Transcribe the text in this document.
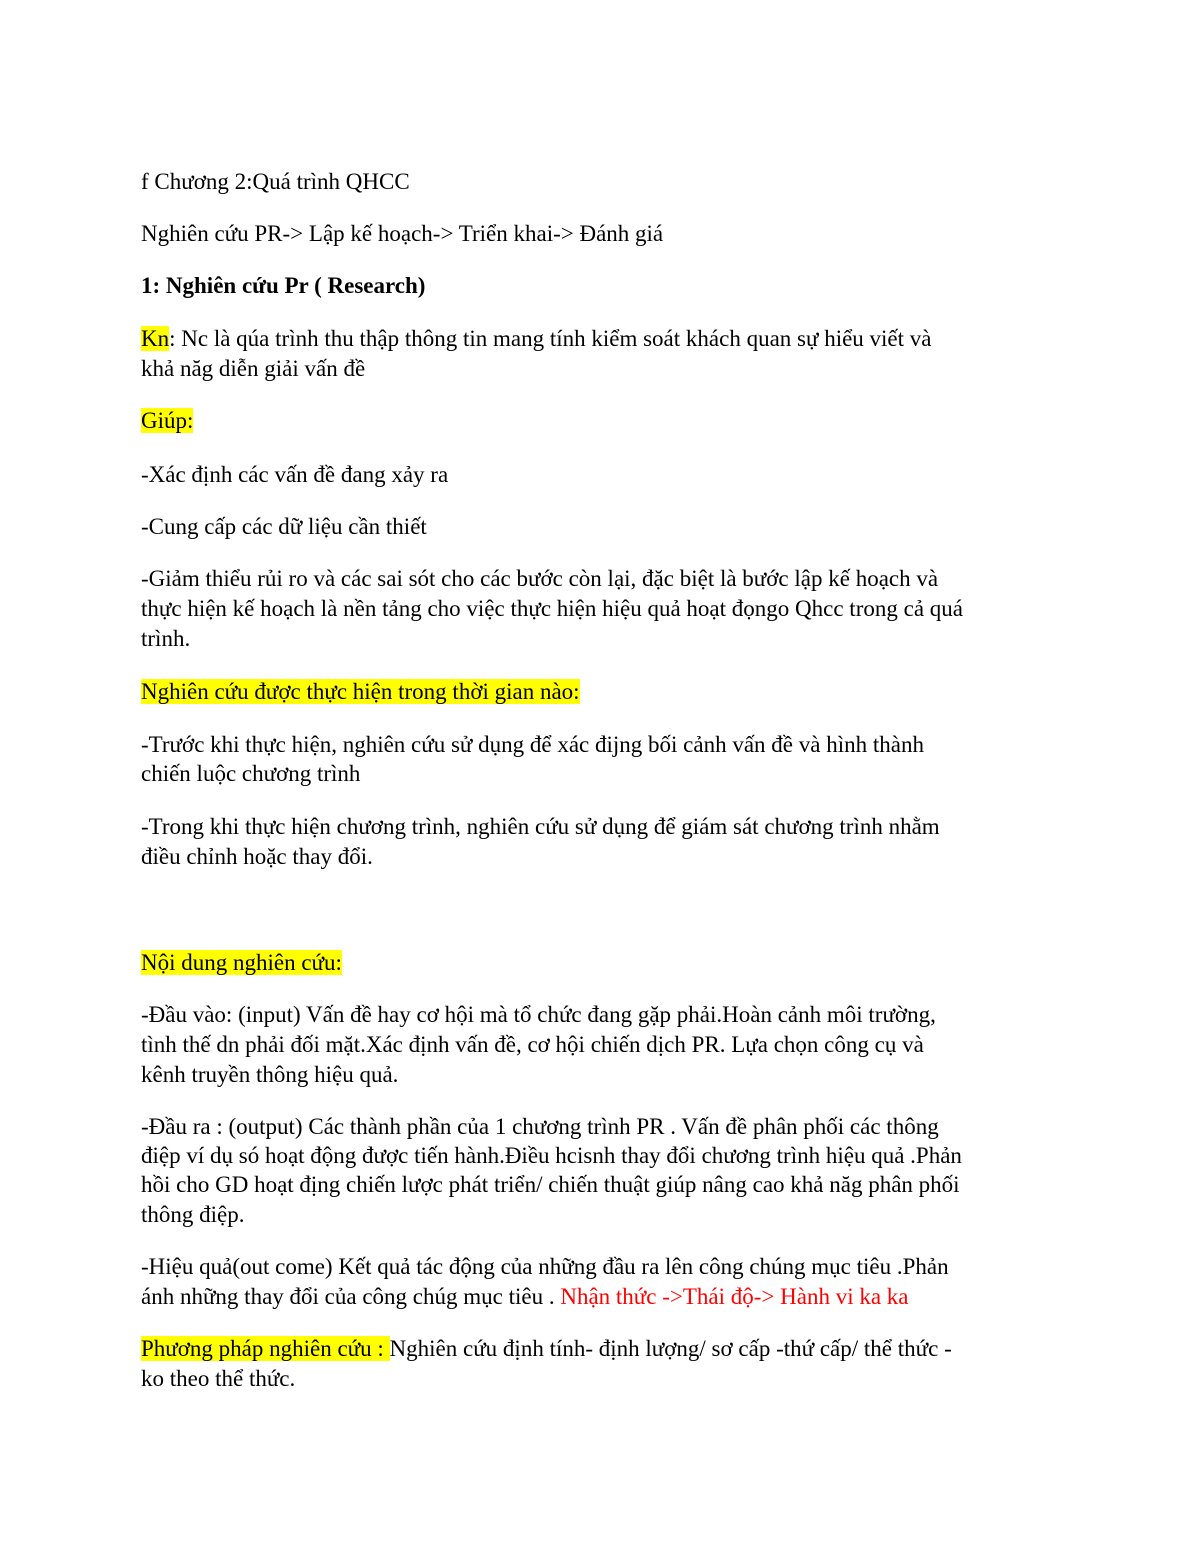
f Chương 2:Quá trình QHCC
Nghiên cứu PR-> Lập kế hoạch-> Triển khai-> Đánh giá
1: Nghiên cứu Pr ( Research)
Kn: Nc là qúa trình thu thập thông tin mang tính kiểm soát khách quan sự hiểu viết và
khả năg diễn giải vấn đề
Giúp:
-Xác định các vấn đề đang xảy ra
-Cung cấp các dữ liệu cần thiết
-Giảm thiểu rủi ro và các sai sót cho các bước còn lại, đặc biệt là bước lập kế hoạch và
thực hiện kế hoạch là nền tảng cho việc thực hiện hiệu quả hoạt đọngo Qhcc trong cả quá
trình.
Nghiên cứu được thực hiện trong thời gian nào:
-Trước khi thực hiện, nghiên cứu sử dụng để xác đijng bối cảnh vấn đề và hình thành
chiến luộc chương trình
-Trong khi thực hiện chương trình, nghiên cứu sử dụng để giám sát chương trình nhằm
điều chỉnh hoặc thay đổi.
Nội dung nghiên cứu:
-Đầu vào: (input) Vấn đề hay cơ hội mà tổ chức đang gặp phải.Hoàn cảnh môi trường,
tình thế dn phải đối mặt.Xác định vấn đề, cơ hội chiến dịch PR. Lựa chọn công cụ và
kênh truyền thông hiệu quả.
-Đầu ra : (output) Các thành phần của 1 chương trình PR . Vấn đề phân phối các thông
điệp ví dụ só hoạt động được tiến hành.Điều hcisnh thay đổi chương trình hiệu quả .Phản
hồi cho GD hoạt địng chiến lược phát triển/ chiến thuật giúp nâng cao khả năg phân phối
thông điệp.
-Hiệu quả(out come) Kết quả tác động của những đầu ra lên công chúng mục tiêu .Phản
ánh những thay đổi của công chúg mục tiêu . Nhận thức ->Thái độ-> Hành vi ka ka
Phương pháp nghiên cứu : Nghiên cứu định tính- định lượng/ sơ cấp -thứ cấp/ thể thức -
ko theo thể thức.
